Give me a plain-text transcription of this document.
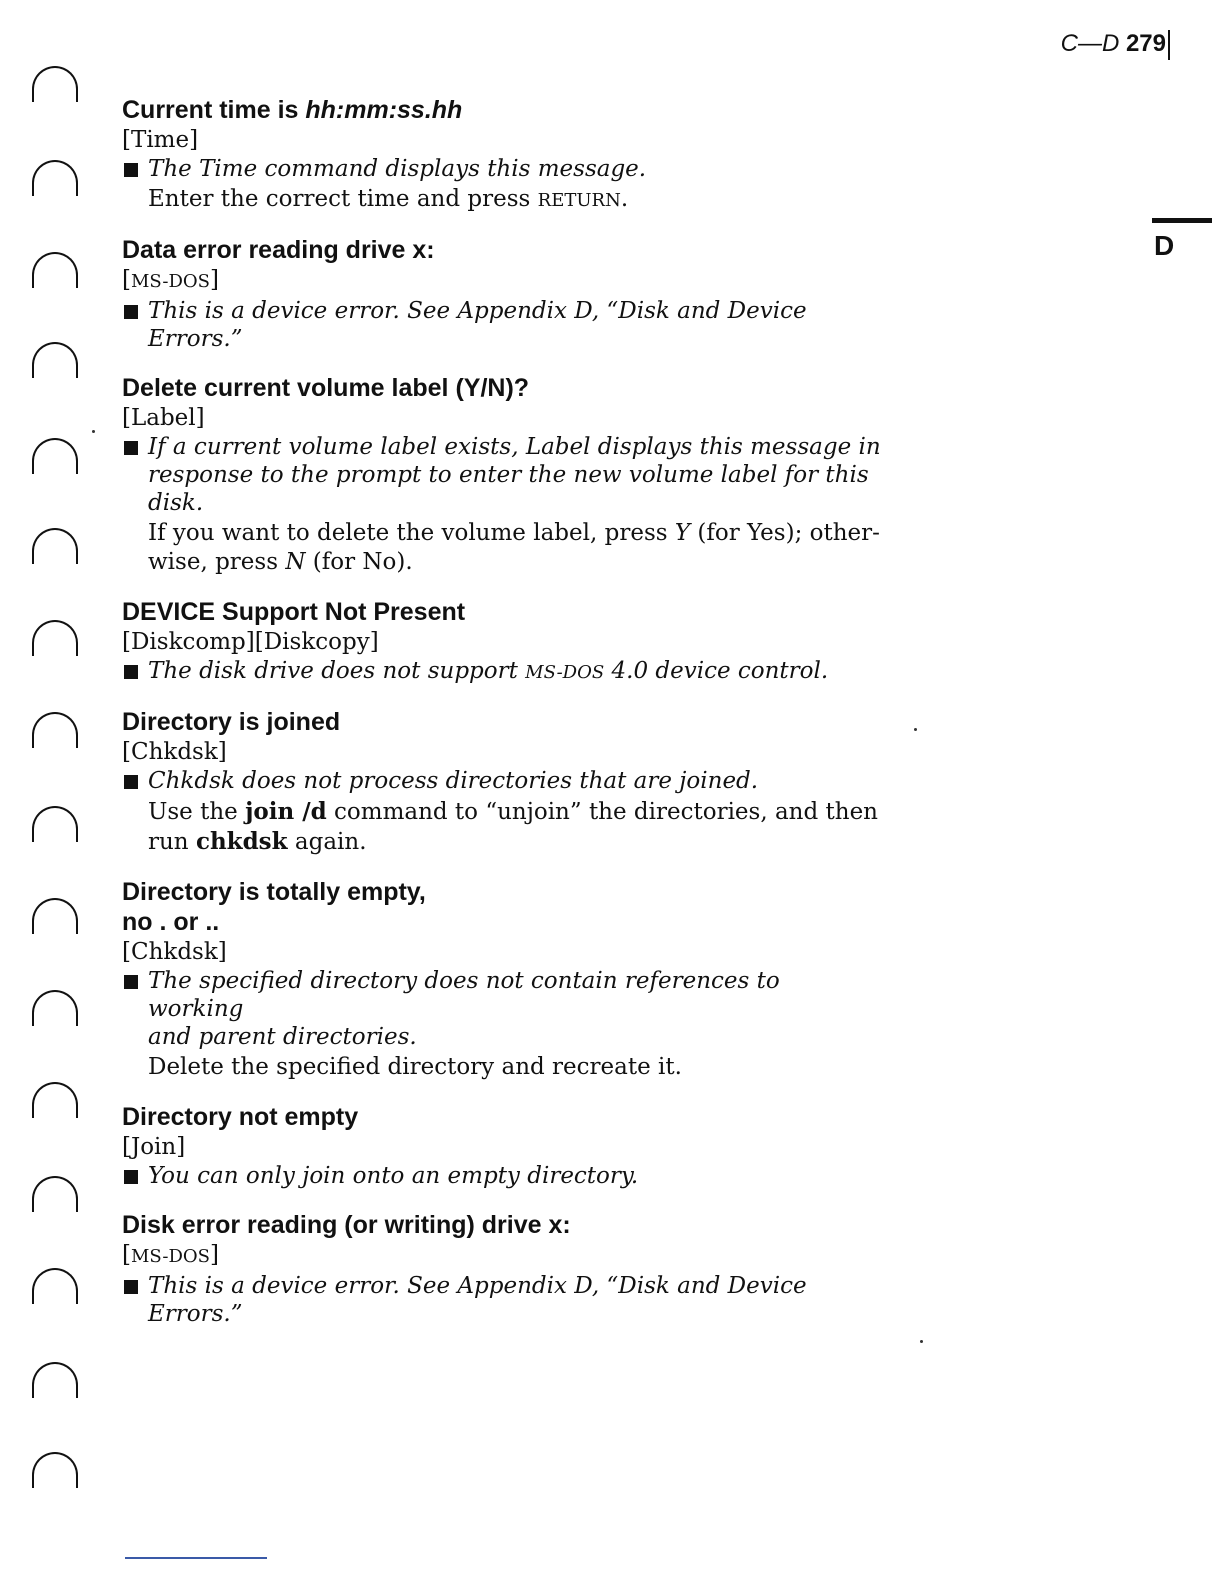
C—D 279
D
Current time is hh:mm:ss.hh
[Time]
The Time command displays this message.
Enter the correct time and press RETURN.
Data error reading drive x:
[MS-DOS]
This is a device error. See Appendix D, “Disk and Device
Errors.”
Delete current volume label (Y/N)?
[Label]
If a current volume label exists, Label displays this message in
response to the prompt to enter the new volume label for this
disk.
If you want to delete the volume label, press Y (for Yes); other-
wise, press N (for No).
DEVICE Support Not Present
[Diskcomp][Diskcopy]
The disk drive does not support MS-DOS 4.0 device control.
Directory is joined
[Chkdsk]
Chkdsk does not process directories that are joined.
Use the join /d command to “unjoin” the directories, and then
run chkdsk again.
Directory is totally empty,
no . or ..
[Chkdsk]
The specified directory does not contain references to working
and parent directories.
Delete the specified directory and recreate it.
Directory not empty
[Join]
You can only join onto an empty directory.
Disk error reading (or writing) drive x:
[MS-DOS]
This is a device error. See Appendix D, “Disk and Device
Errors.”
